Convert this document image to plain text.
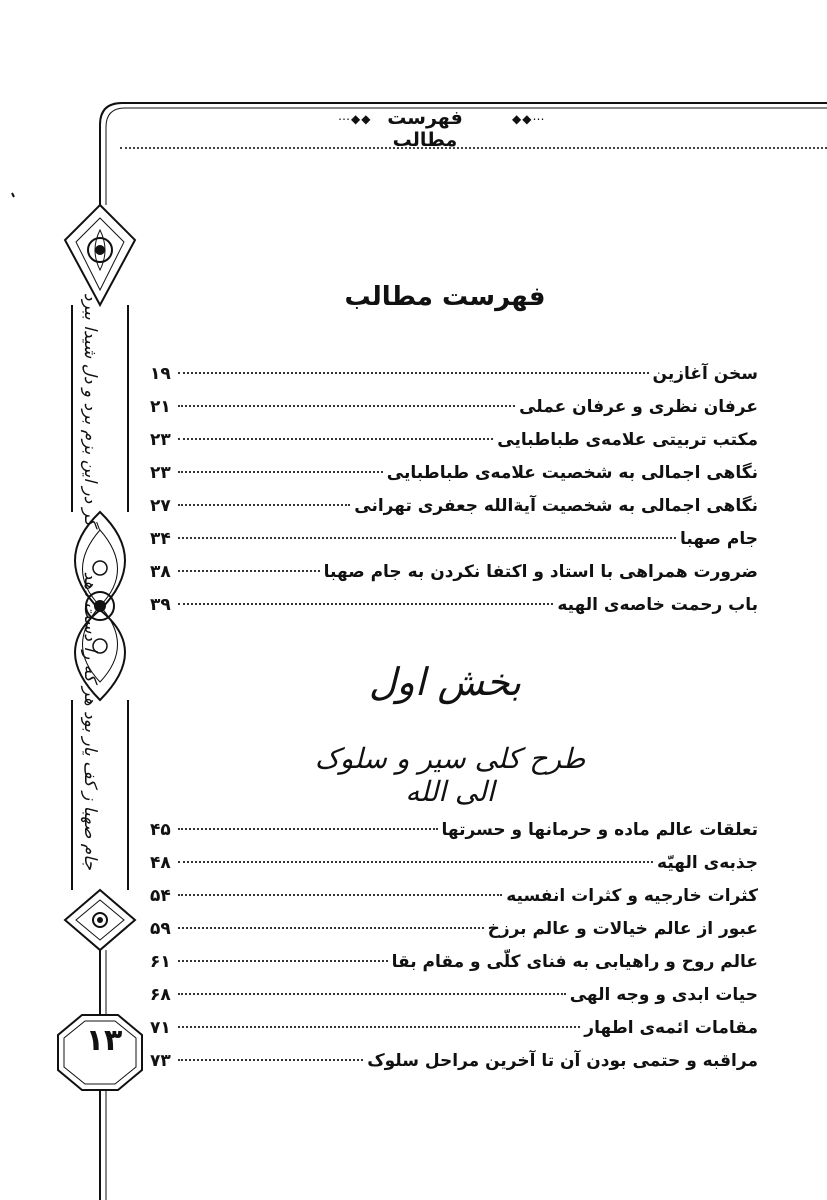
⋯◆◆ فهرست مطالب
◆◆⋯
فهرست مطالب
سخن آغازین
۱۹
عرفان نظری و عرفان عملی
۲۱
مکتب تربیتی علامه‌ی طباطبایی
۲۳
نگاهی اجمالی به شخصیت علامه‌ی طباطبایی
۲۳
نگاهی اجمالی به شخصیت آیة‌الله جعفری تهرانی
۲۷
جام صهبا
۳۴
ضرورت همراهی با استاد و اکتفا نکردن به جام صهبا
۳۸
باب رحمت خاصه‌ی الهیه
۳۹
بخش اول
طرح کلی سیر و سلوک الی الله
تعلقات عالم ماده و حرمانها و حسرتها
۴۵
جذبه‌ی الهیّه
۴۸
کثرات خارجیه و کثرات انفسیه
۵۴
عبور از عالم خیالات و عالم برزخ
۵۹
عالم روح و راهیابی به فنای کلّی و مقام بقا
۶۱
حیات ابدی و وجه الهی
۶۸
مقامات ائمه‌ی اطهار
۷۱
مراقبه و حتمی بودن آن تا آخرین مراحل سلوک
۷۳
جام صهبا ز کف یار بود هر که را دست دهد گر در این بزم برد و دل شیدا ببرد
۱۳
